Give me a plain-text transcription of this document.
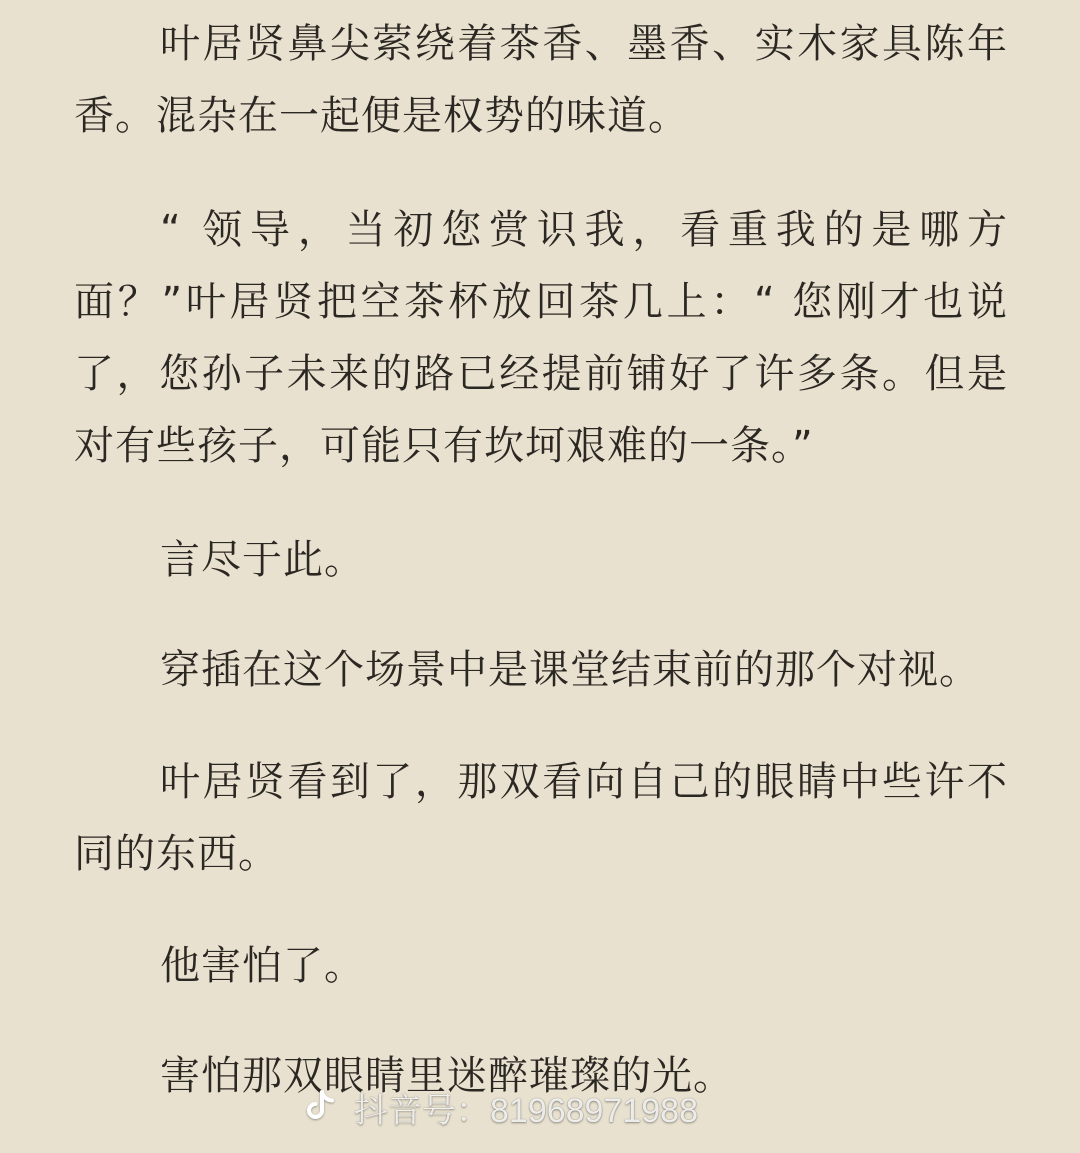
叶居贤鼻尖萦绕着茶香、墨香、实木家具陈年香。混杂在一起便是权势的味道。

“ 领导，当初您赏识我，看重我的是哪方面？”叶居贤把空茶杯放回茶几上：“ 您刚才也说了，您孙子未来的路已经提前铺好了许多条。但是对有些孩子，可能只有坎坷艰难的一条。”

言尽于此。

穿插在这个场景中是课堂结束前的那个对视。

叶居贤看到了，那双看向自己的眼睛中些许不同的东西。

他害怕了。

害怕那双眼睛里迷醉璀璨的光。

抖音号：81968971988
